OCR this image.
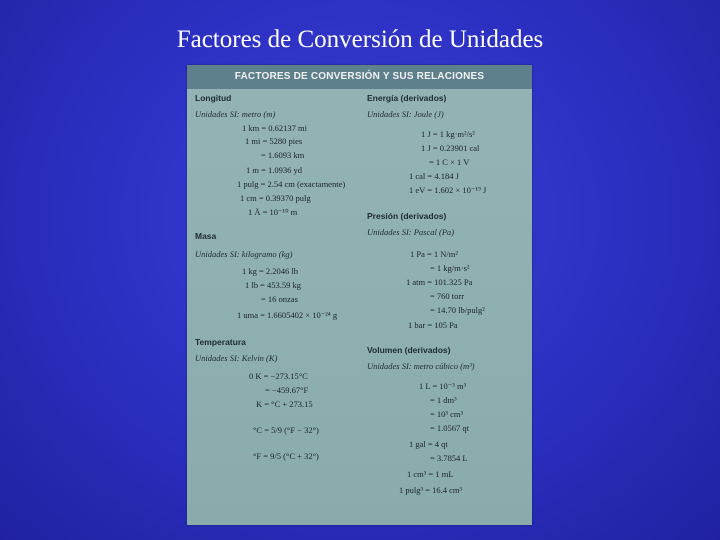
Factores de Conversión de Unidades
FACTORES DE CONVERSIÓN Y SUS RELACIONES
Longitud
Unidades SI: metro (m)
1 km = 0.62137 mi
1 mi = 5280 pies
= 1.6093 km
1 m = 1.0936 yd
1 pulg = 2.54 cm (exactamente)
1 cm = 0.39370 pulg
1 Å = 10⁻¹⁰ m
Masa
Unidades SI: kilogramo (kg)
1 kg = 2.2046 lb
1 lb = 453.59 kg
= 16 onzas
1 uma = 1.6605402 × 10⁻²⁴ g
Temperatura
Unidades SI: Kelvin (K)
0 K = −273.15°C
= −459.67°F
K = °C + 273.15
°C = 5/9 (°F − 32°)
°F = 9/5 (°C + 32°)
Energía (derivados)
Unidades SI: Joule (J)
1 J = 1 kg·m²/s²
1 J = 0.23901 cal
= 1 C × 1 V
1 cal = 4.184 J
1 eV = 1.602 × 10⁻¹⁹ J
Presión (derivados)
Unidades SI: Pascal (Pa)
1 Pa = 1 N/m²
= 1 kg/m·s²
1 atm = 101.325 Pa
= 760 torr
= 14.70 lb/pulg²
1 bar = 105 Pa
Volumen (derivados)
Unidades SI: metro cúbico (m³)
1 L = 10⁻³ m³
= 1 dm³
= 10³ cm³
= 1.0567 qt
1 gal = 4 qt
= 3.7854 L
1 cm³ = 1 mL
1 pulg³ = 16.4 cm³
